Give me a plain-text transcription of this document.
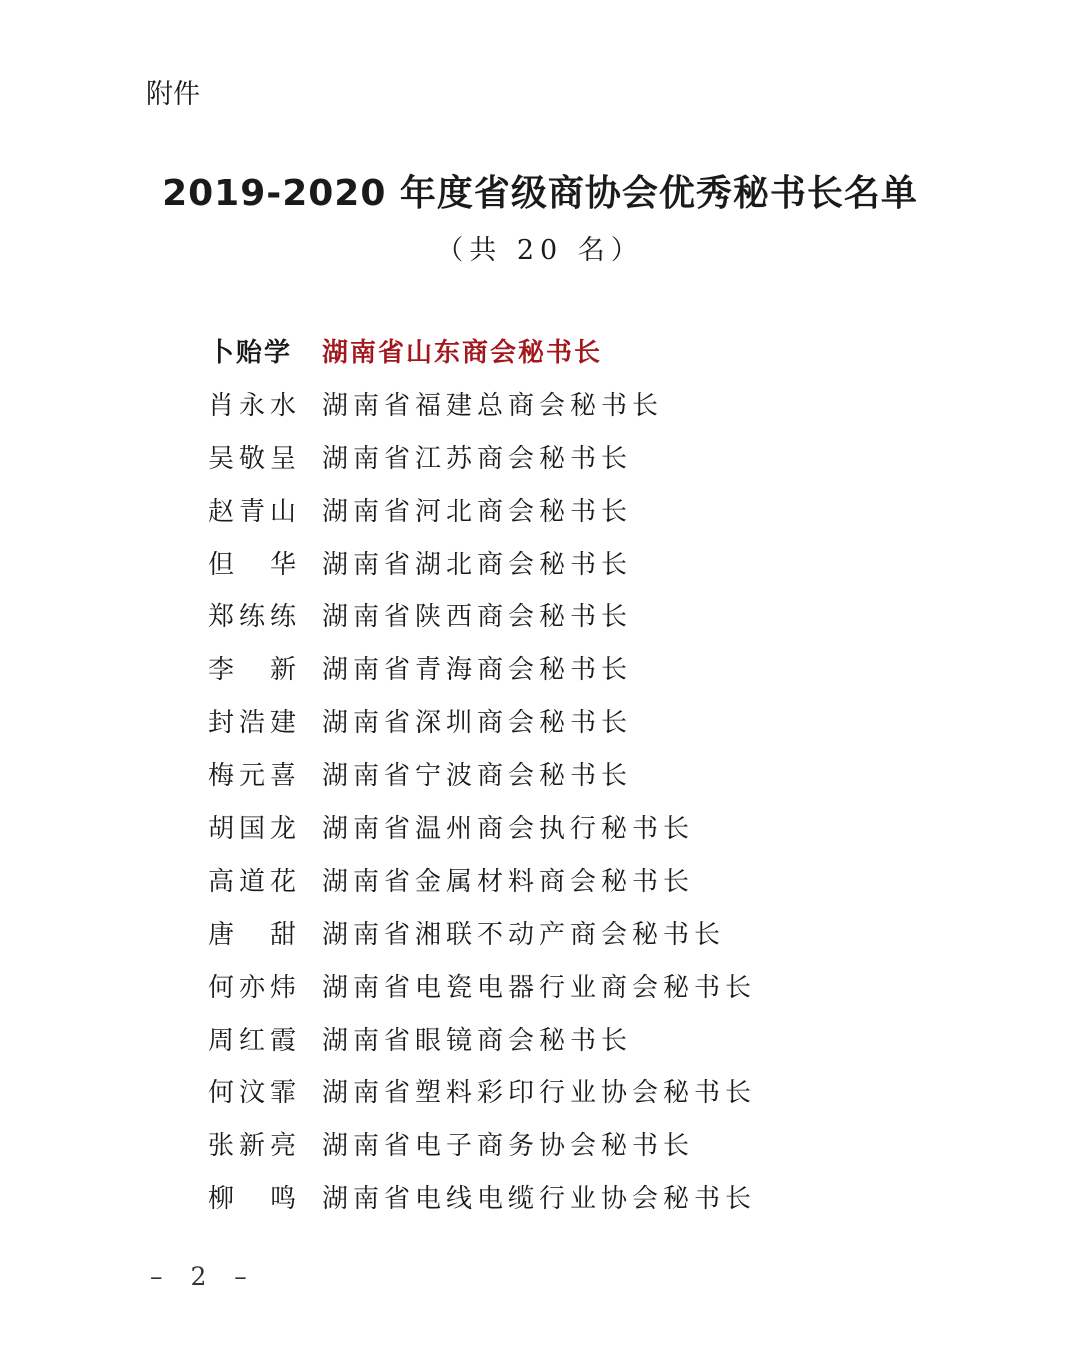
附件
2019-2020 年度省级商协会优秀秘书长名单
（共 20 名）
卜贻学	湖南省山东商会秘书长
肖永水 湖南省福建总商会秘书长
吴敬呈 湖南省江苏商会秘书长
赵青山 湖南省河北商会秘书长
但　华 湖南省湖北商会秘书长
郑练练 湖南省陕西商会秘书长
李　新 湖南省青海商会秘书长
封浩建 湖南省深圳商会秘书长
梅元喜 湖南省宁波商会秘书长
胡国龙 湖南省温州商会执行秘书长
高道花 湖南省金属材料商会秘书长
唐　甜 湖南省湘联不动产商会秘书长
何亦炜 湖南省电瓷电器行业商会秘书长
周红霞 湖南省眼镜商会秘书长
何汶霏 湖南省塑料彩印行业协会秘书长
张新亮 湖南省电子商务协会秘书长
柳　鸣 湖南省电线电缆行业协会秘书长
– 2 –
